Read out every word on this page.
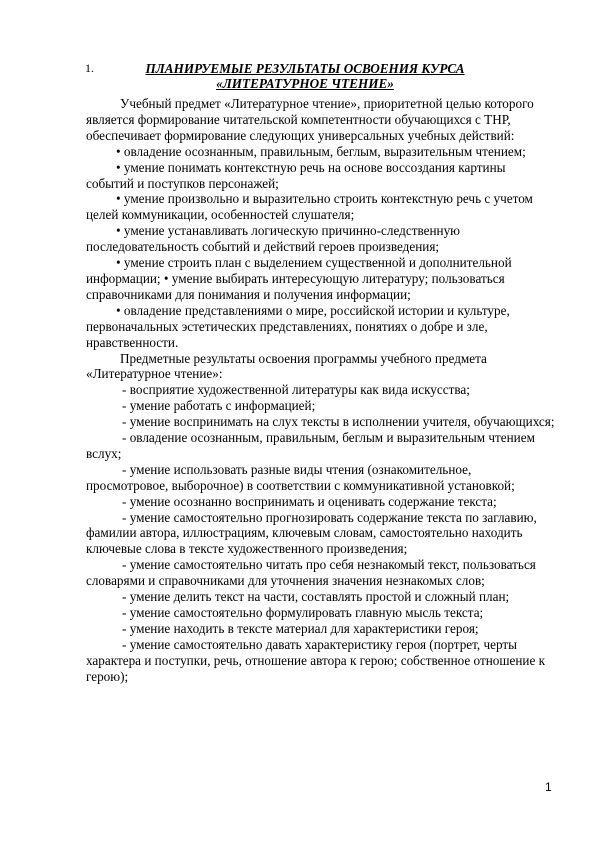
1.	ПЛАНИРУЕМЫЕ РЕЗУЛЬТАТЫ ОСВОЕНИЯ КУРСА
«ЛИТЕРАТУРНОЕ ЧТЕНИЕ»

Учебный предмет «Литературное чтение», приоритетной целью которого является формирование читательской компетентности обучающихся с ТНР, обеспечивает формирование следующих универсальных учебных действий:

• овладение осознанным, правильным, беглым, выразительным чтением;

• умение понимать контекстную речь на основе воссоздания картины событий и поступков персонажей;

• умение произвольно и выразительно строить контекстную речь с учетом целей коммуникации, особенностей слушателя;

• умение устанавливать логическую причинно-следственную последовательность событий и действий героев произведения;

• умение строить план с выделением существенной и дополнительной информации; • умение выбирать интересующую литературу; пользоваться справочниками для понимания и получения информации;

• овладение представлениями о мире, российской истории и культуре, первоначальных эстетических представлениях, понятиях о добре и зле, нравственности.

Предметные результаты освоения программы учебного предмета «Литературное чтение»:

- восприятие художественной литературы как вида искусства;

- умение работать с информацией;

- умение воспринимать на слух тексты в исполнении учителя, обучающихся;

- овладение осознанным, правильным, беглым и выразительным чтением вслух;

- умение использовать разные виды чтения (ознакомительное, просмотровое, выборочное) в соответствии с коммуникативной установкой;

- умение осознанно воспринимать и оценивать содержание текста;

- умение самостоятельно прогнозировать содержание текста по заглавию, фамилии автора, иллюстрациям, ключевым словам, самостоятельно находить ключевые слова в тексте художественного произведения;

- умение самостоятельно читать про себя незнакомый текст, пользоваться словарями и справочниками для уточнения значения незнакомых слов;

- умение делить текст на части, составлять простой и сложный план;

- умение самостоятельно формулировать главную мысль текста;

- умение находить в тексте материал для характеристики героя;

- умение самостоятельно давать характеристику героя (портрет, черты характера и поступки, речь, отношение автора к герою; собственное отношение к герою);

1
